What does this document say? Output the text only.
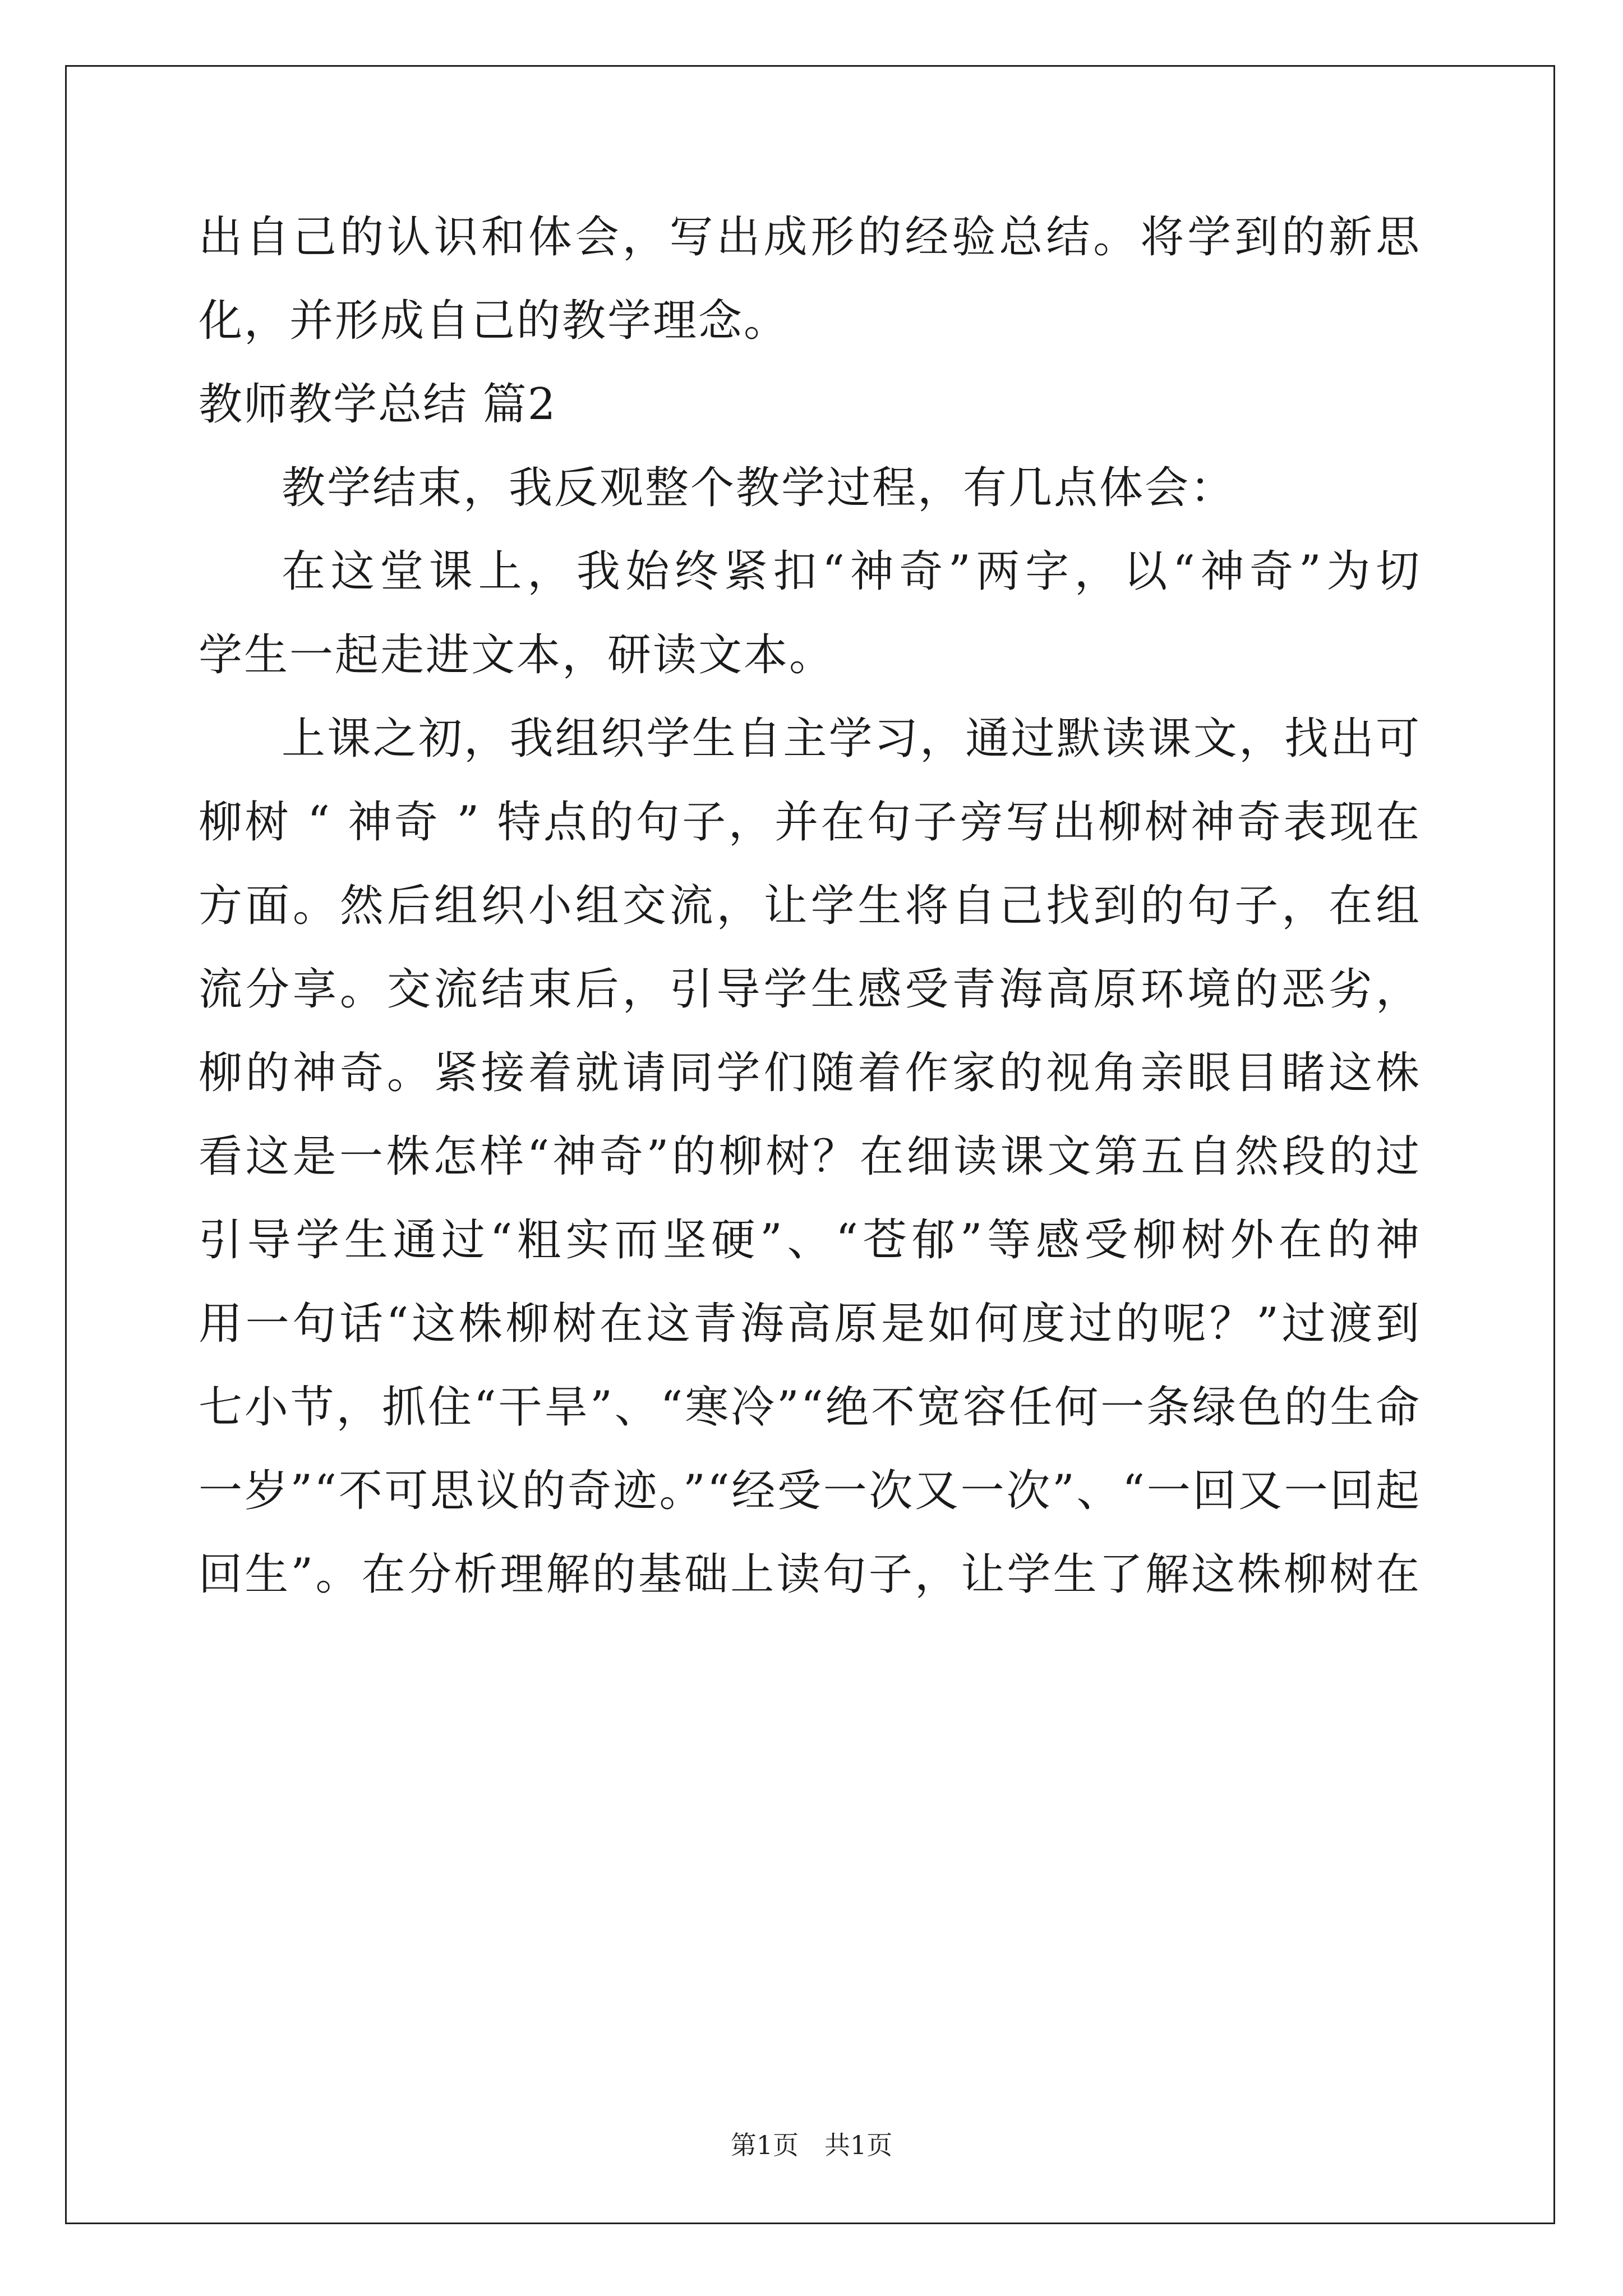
出自己的认识和体会，写出成形的经验总结。将学到的新思
化，并形成自己的教学理念。
教师教学总结 篇2
教学结束，我反观整个教学过程，有几点体会：
在这堂课上，我始终紧扣“神奇”两字，以“神奇”为切
学生一起走进文本，研读文本。
上课之初，我组织学生自主学习，通过默读课文，找出可
柳树 “ 神奇 ” 特点的句子，并在句子旁写出柳树神奇表现在
方面。然后组织小组交流，让学生将自己找到的句子，在组
流分享。交流结束后，引导学生感受青海高原环境的恶劣，
柳的神奇。紧接着就请同学们随着作家的视角亲眼目睹这株
看这是一株怎样“神奇”的柳树？在细读课文第五自然段的过
引导学生通过“粗实而坚硬”、“苍郁”等感受柳树外在的神
用一句话“这株柳树在这青海高原是如何度过的呢？”过渡到
七小节，抓住“干旱”、“寒冷”“绝不宽容任何一条绿色的生命
一岁”“不可思议的奇迹。”“经受一次又一次”、“一回又一回起
回生”。在分析理解的基础上读句子，让学生了解这株柳树在
第1页　共1页
